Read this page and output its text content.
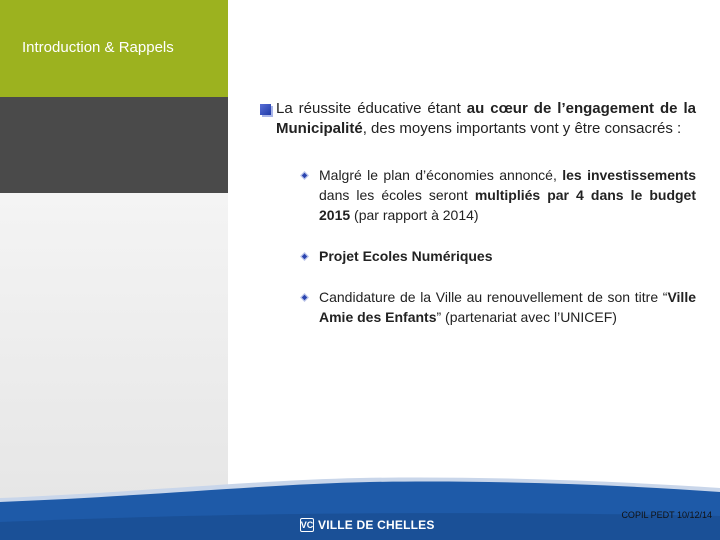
Introduction & Rappels
VC VILLE DE CHELLES
COPIL PEDT 10/12/14
La réussite éducative étant au cœur de l’engagement de la Municipalité, des moyens importants vont y être consacrés :
Malgré le plan d’économies annoncé, les investissements dans les écoles seront multipliés par 4 dans le budget 2015 (par rapport à 2014)
Projet Ecoles Numériques
Candidature de la Ville au renouvellement de son titre “Ville Amie des Enfants” (partenariat avec l’UNICEF)
